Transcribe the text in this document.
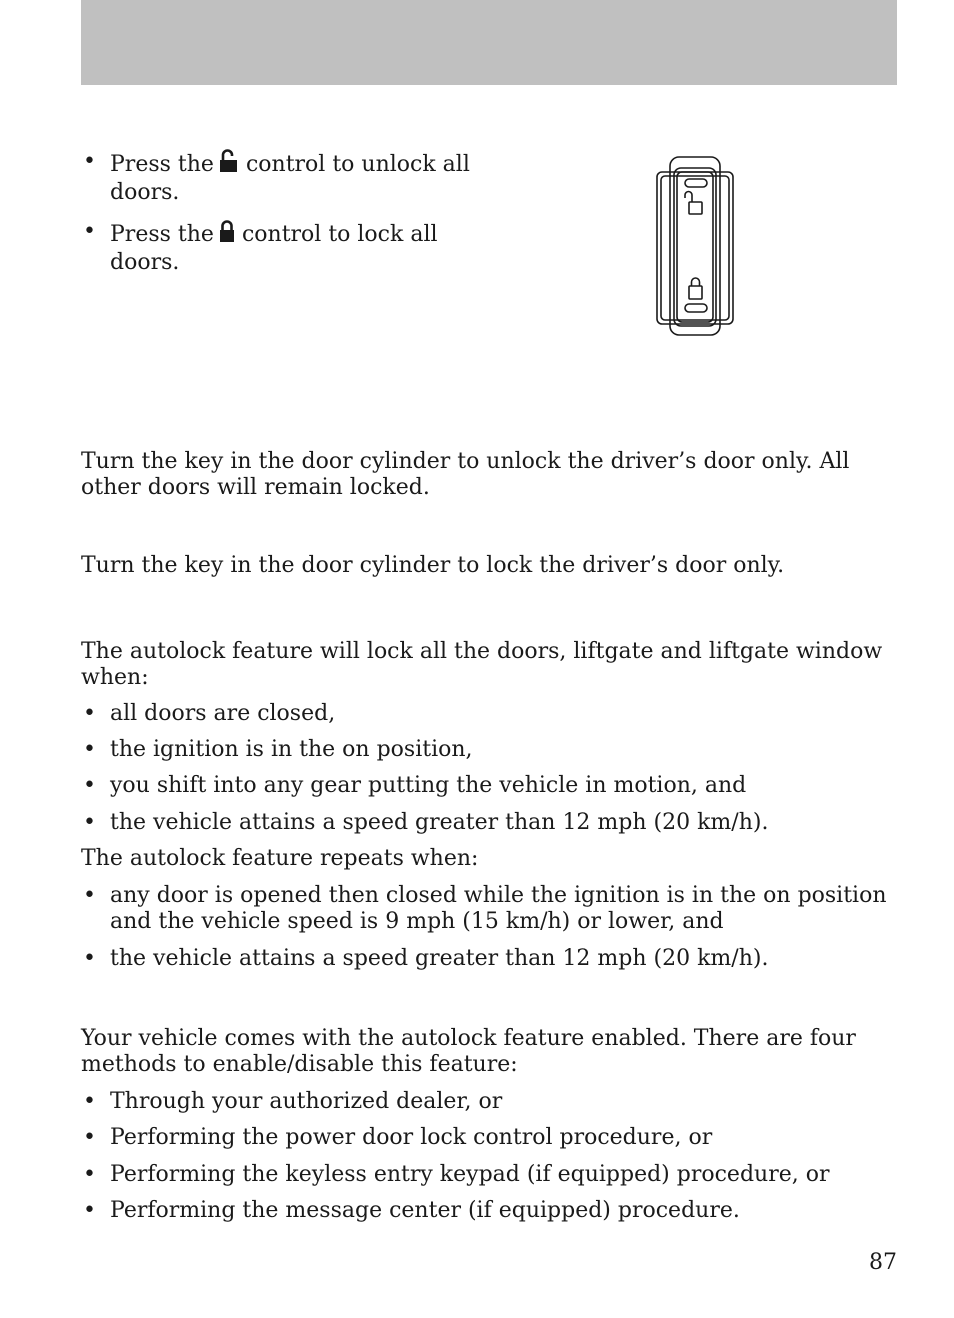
• Press the control to unlock all doors.
• Press the control to lock all doors.

Turn the key in the door cylinder to unlock the driver’s door only. All other doors will remain locked.

Turn the key in the door cylinder to lock the driver’s door only.

The autolock feature will lock all the doors, liftgate and liftgate window when:

• all doors are closed,
• the ignition is in the on position,
• you shift into any gear putting the vehicle in motion, and
• the vehicle attains a speed greater than 12 mph (20 km/h).

The autolock feature repeats when:

• any door is opened then closed while the ignition is in the on position and the vehicle speed is 9 mph (15 km/h) or lower, and
• the vehicle attains a speed greater than 12 mph (20 km/h).

Your vehicle comes with the autolock feature enabled. There are four methods to enable/disable this feature:

• Through your authorized dealer, or
• Performing the power door lock control procedure, or
• Performing the keyless entry keypad (if equipped) procedure, or
• Performing the message center (if equipped) procedure.
87
